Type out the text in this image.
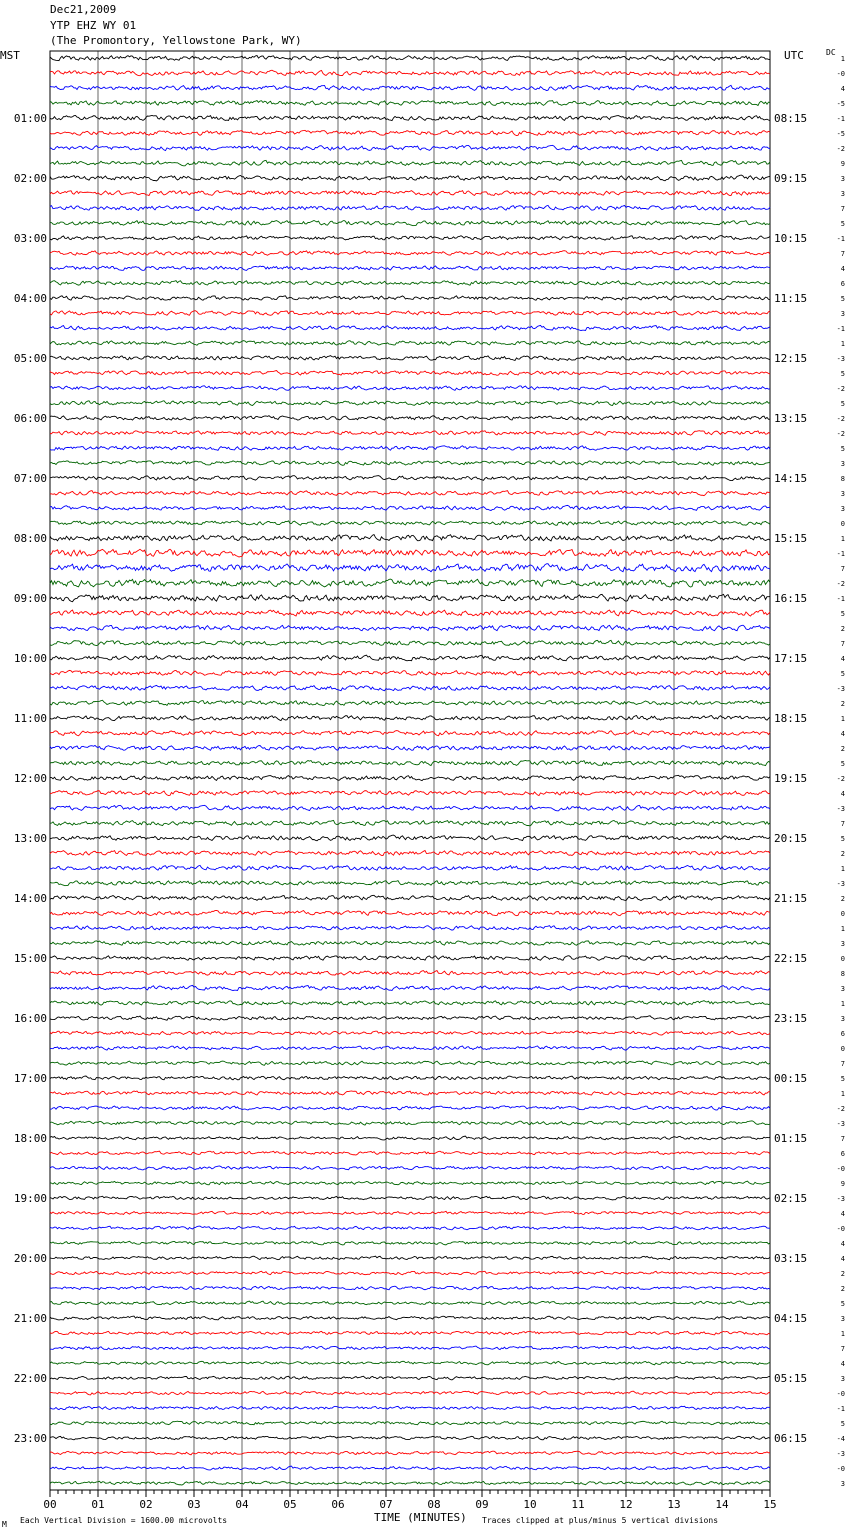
Dec21,2009
YTP EHZ WY 01
(The Promontory, Yellowstone Park, WY)
MST	UTC	DC
00	01	02	03	04	05	06	07	08	09	10	11	12	13	14	15
1
-0
4
-5
-1
01:00	08:15
-5
-2
9
3
02:00	09:15
3
7
5
-1
03:00	10:15
7
4
6
5
04:00	11:15
3
-1
1
-3
05:00	12:15
5
-2
5
-2
06:00	13:15
-2
5
3
8
07:00	14:15
3
3
0
1
08:00	15:15
-1
7
-2
-1
09:00	16:15
5
2
7
4
10:00	17:15
5
-3
2
1
11:00	18:15
4
2
5
-2
12:00	19:15
4
-3
7
5
13:00	20:15
2
1
-3
2
14:00	21:15
0
1
3
0
15:00	22:15
8
3
1
3
16:00	23:15
6
0
7
5
17:00	00:15
1
-2
-3
7
18:00	01:15
6
-0
9
-3
19:00	02:15
4
-0
4
4
20:00	03:15
2
2
5
3
21:00	04:15
1
7
4
3
22:00	05:15
-0
-1
5
-4
23:00	06:15
-3
-0
3
TIME (MINUTES)
M Each Vertical Division = 1600.00 microvolts	Traces clipped at plus/minus 5 vertical divisions
